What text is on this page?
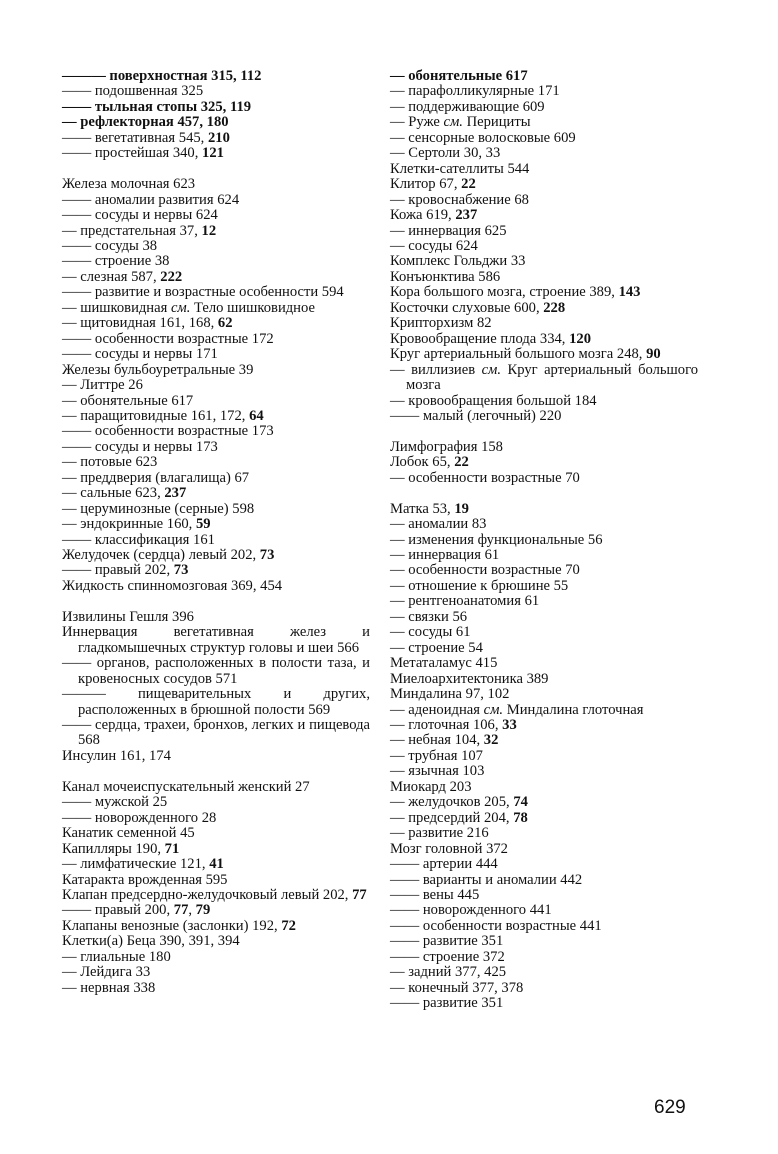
——— поверхностная 315, 112

—— подошвенная 325

—— тыльная стопы 325, 119

— рефлекторная 457, 180

—— вегетативная 545, 210

—— простейшая 340, 121

Железа молочная 623

—— аномалии развития 624

—— сосуды и нервы 624

— предстательная 37, 12

—— сосуды 38

—— строение 38

— слезная 587, 222

—— развитие и возрастные особенности 594

— шишковидная см. Тело шишковидное

— щитовидная 161, 168, 62

—— особенности возрастные 172

—— сосуды и нервы 171

Железы бульбоуретральные 39

— Литтре 26

— обонятельные 617

— паращитовидные 161, 172, 64

—— особенности возрастные 173

—— сосуды и нервы 173

— потовые 623

— преддверия (влагалища) 67

— сальные 623, 237

— церуминозные (серные) 598

— эндокринные 160, 59

—— классификация 161

Желудочек (сердца) левый 202, 73

—— правый 202, 73

Жидкость спинномозговая 369, 454

Извилины Гешля 396

Иннервация вегетативная желез и гладкомышечных структур головы и шеи 566

—— органов, расположенных в полости таза, и кровеносных сосудов 571

——— пищеварительных и других, расположенных в брюшной полости 569

—— сердца, трахеи, бронхов, легких и пищевода 568

Инсулин 161, 174

Канал мочеиспускательный женский 27

—— мужской 25

—— новорожденного 28

Канатик семенной 45

Капилляры 190, 71

— лимфатические 121, 41

Катаракта врожденная 595

Клапан предсердно-желудочковый левый 202, 77

—— правый 200, 77, 79

Клапаны венозные (заслонки) 192, 72

Клетки(а) Беца 390, 391, 394

— глиальные 180

— Лейдига 33

— нервная 338

— обонятельные 617

— парафолликулярные 171

— поддерживающие 609

— Руже см. Перициты

— сенсорные волосковые 609

— Сертоли 30, 33

Клетки-сателлиты 544

Клитор 67, 22

— кровоснабжение 68

Кожа 619, 237

— иннервация 625

— сосуды 624

Комплекс Гольджи 33

Конъюнктива 586

Кора большого мозга, строение 389, 143

Косточки слуховые 600, 228

Крипторхизм 82

Кровообращение плода 334, 120

Круг артериальный большого мозга 248, 90

— виллизиев см. Круг артериальный большого мозга

— кровообращения большой 184

—— малый (легочный) 220

Лимфография 158

Лобок 65, 22

— особенности возрастные 70

Матка 53, 19

— аномалии 83

— изменения функциональные 56

— иннервация 61

— особенности возрастные 70

— отношение к брюшине 55

— рентгеноанатомия 61

— связки 56

— сосуды 61

— строение 54

Метаталамус 415

Миелоархитектоника 389

Миндалина 97, 102

— аденоидная см. Миндалина глоточная

— глоточная 106, 33

— небная 104, 32

— трубная 107

— язычная 103

Миокард 203

— желудочков 205, 74

— предсердий 204, 78

— развитие 216

Мозг головной 372

—— артерии 444

—— варианты и аномалии 442

—— вены 445

—— новорожденного 441

—— особенности возрастные 441

—— развитие 351

—— строение 372

— задний 377, 425

— конечный 377, 378

—— развитие 351

629
